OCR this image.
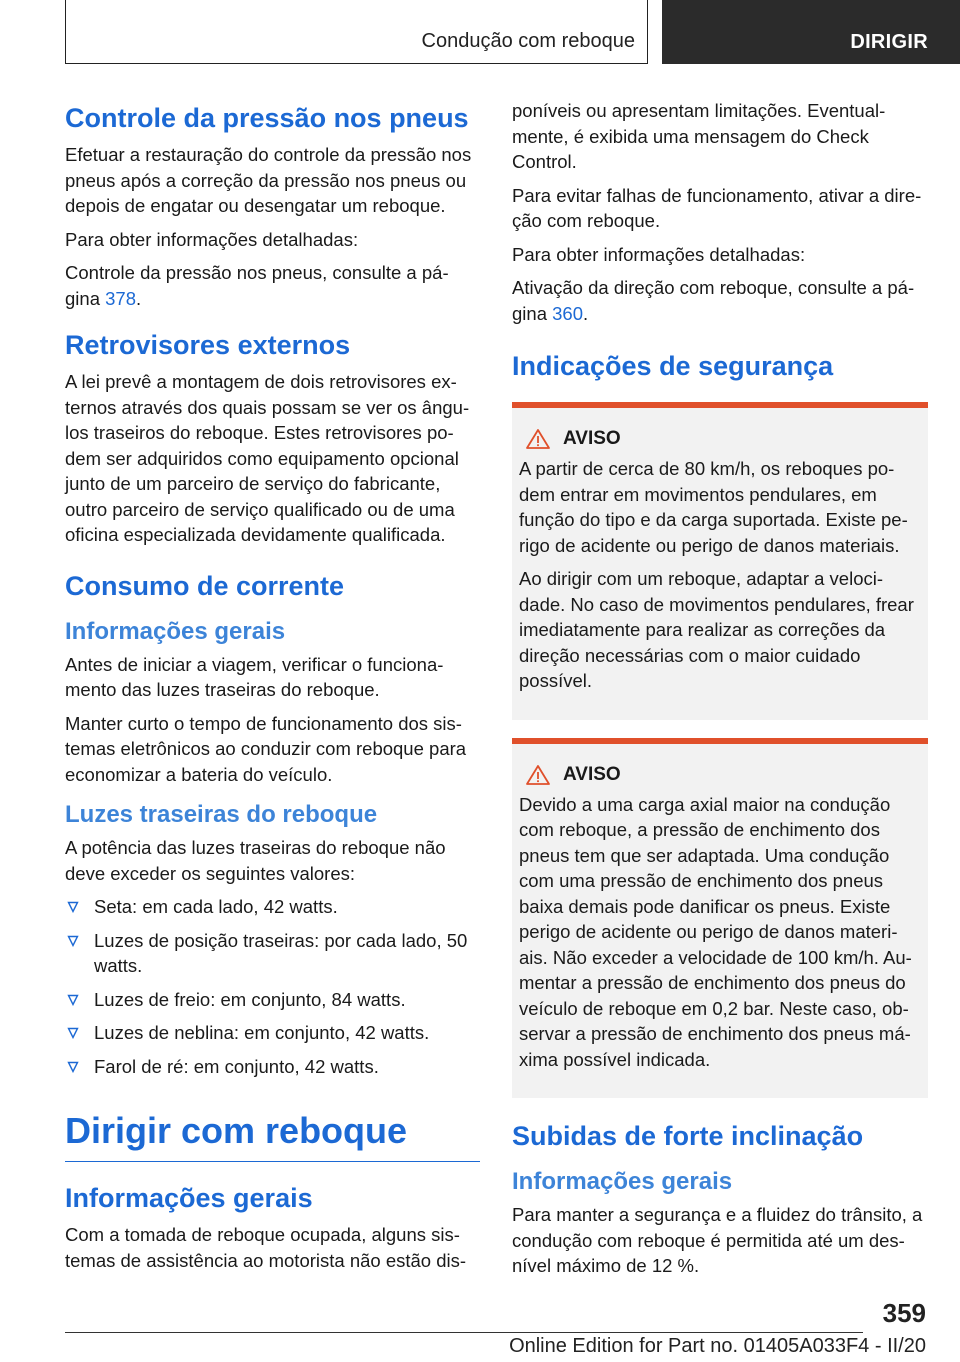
Condução com reboque	DIRIGIR
Controle da pressão nos pneus

Efetuar a restauração do controle da pressão nos pneus após a correção da pressão nos pneus ou depois de engatar ou desengatar um reboque.

Para obter informações detalhadas:

Controle da pressão nos pneus, consulte a pá-gina 378.

Retrovisores externos

A lei prevê a montagem de dois retrovisores ex-ternos através dos quais possam se ver os ângu-los traseiros do reboque. Estes retrovisores po-dem ser adquiridos como equipamento opcional junto de um parceiro de serviço do fabricante, outro parceiro de serviço qualificado ou de uma oficina especializada devidamente qualificada.

Consumo de corrente
Informações gerais

Antes de iniciar a viagem, verificar o funciona-mento das luzes traseiras do reboque.

Manter curto o tempo de funcionamento dos sis-temas eletrônicos ao conduzir com reboque para economizar a bateria do veículo.

Luzes traseiras do reboque

A potência das luzes traseiras do reboque não deve exceder os seguintes valores:

Seta: em cada lado, 42 watts.
Luzes de posição traseiras: por cada lado, 50 watts.
Luzes de freio: em conjunto, 84 watts.
Luzes de neblina: em conjunto, 42 watts.
Farol de ré: em conjunto, 42 watts.
Dirigir com reboque
Informações gerais

Com a tomada de reboque ocupada, alguns sis-temas de assistência ao motorista não estão dis-

poníveis ou apresentam limitações. Eventual-mente, é exibida uma mensagem do Check Control.

Para evitar falhas de funcionamento, ativar a dire-ção com reboque.

Para obter informações detalhadas:

Ativação da direção com reboque, consulte a pá-gina 360.

Indicações de segurança
AVISO

A partir de cerca de 80 km/h, os reboques po-dem entrar em movimentos pendulares, em função do tipo e da carga suportada. Existe pe-rigo de acidente ou perigo de danos materiais.

Ao dirigir com um reboque, adaptar a veloci-dade. No caso de movimentos pendulares, frear imediatamente para realizar as correções da direção necessárias com o maior cuidado possível.

AVISO

Devido a uma carga axial maior na condução com reboque, a pressão de enchimento dos pneus tem que ser adaptada. Uma condução com uma pressão de enchimento dos pneus baixa demais pode danificar os pneus. Existe perigo de acidente ou perigo de danos materi-ais. Não exceder a velocidade de 100 km/h. Au-mentar a pressão de enchimento dos pneus do veículo de reboque em 0,2 bar. Neste caso, ob-servar a pressão de enchimento dos pneus má-xima possível indicada.

Subidas de forte inclinação
Informações gerais

Para manter a segurança e a fluidez do trânsito, a condução com reboque é permitida até um des-nível máximo de 12 %.

359
Online Edition for Part no. 01405A033F4 - II/20
